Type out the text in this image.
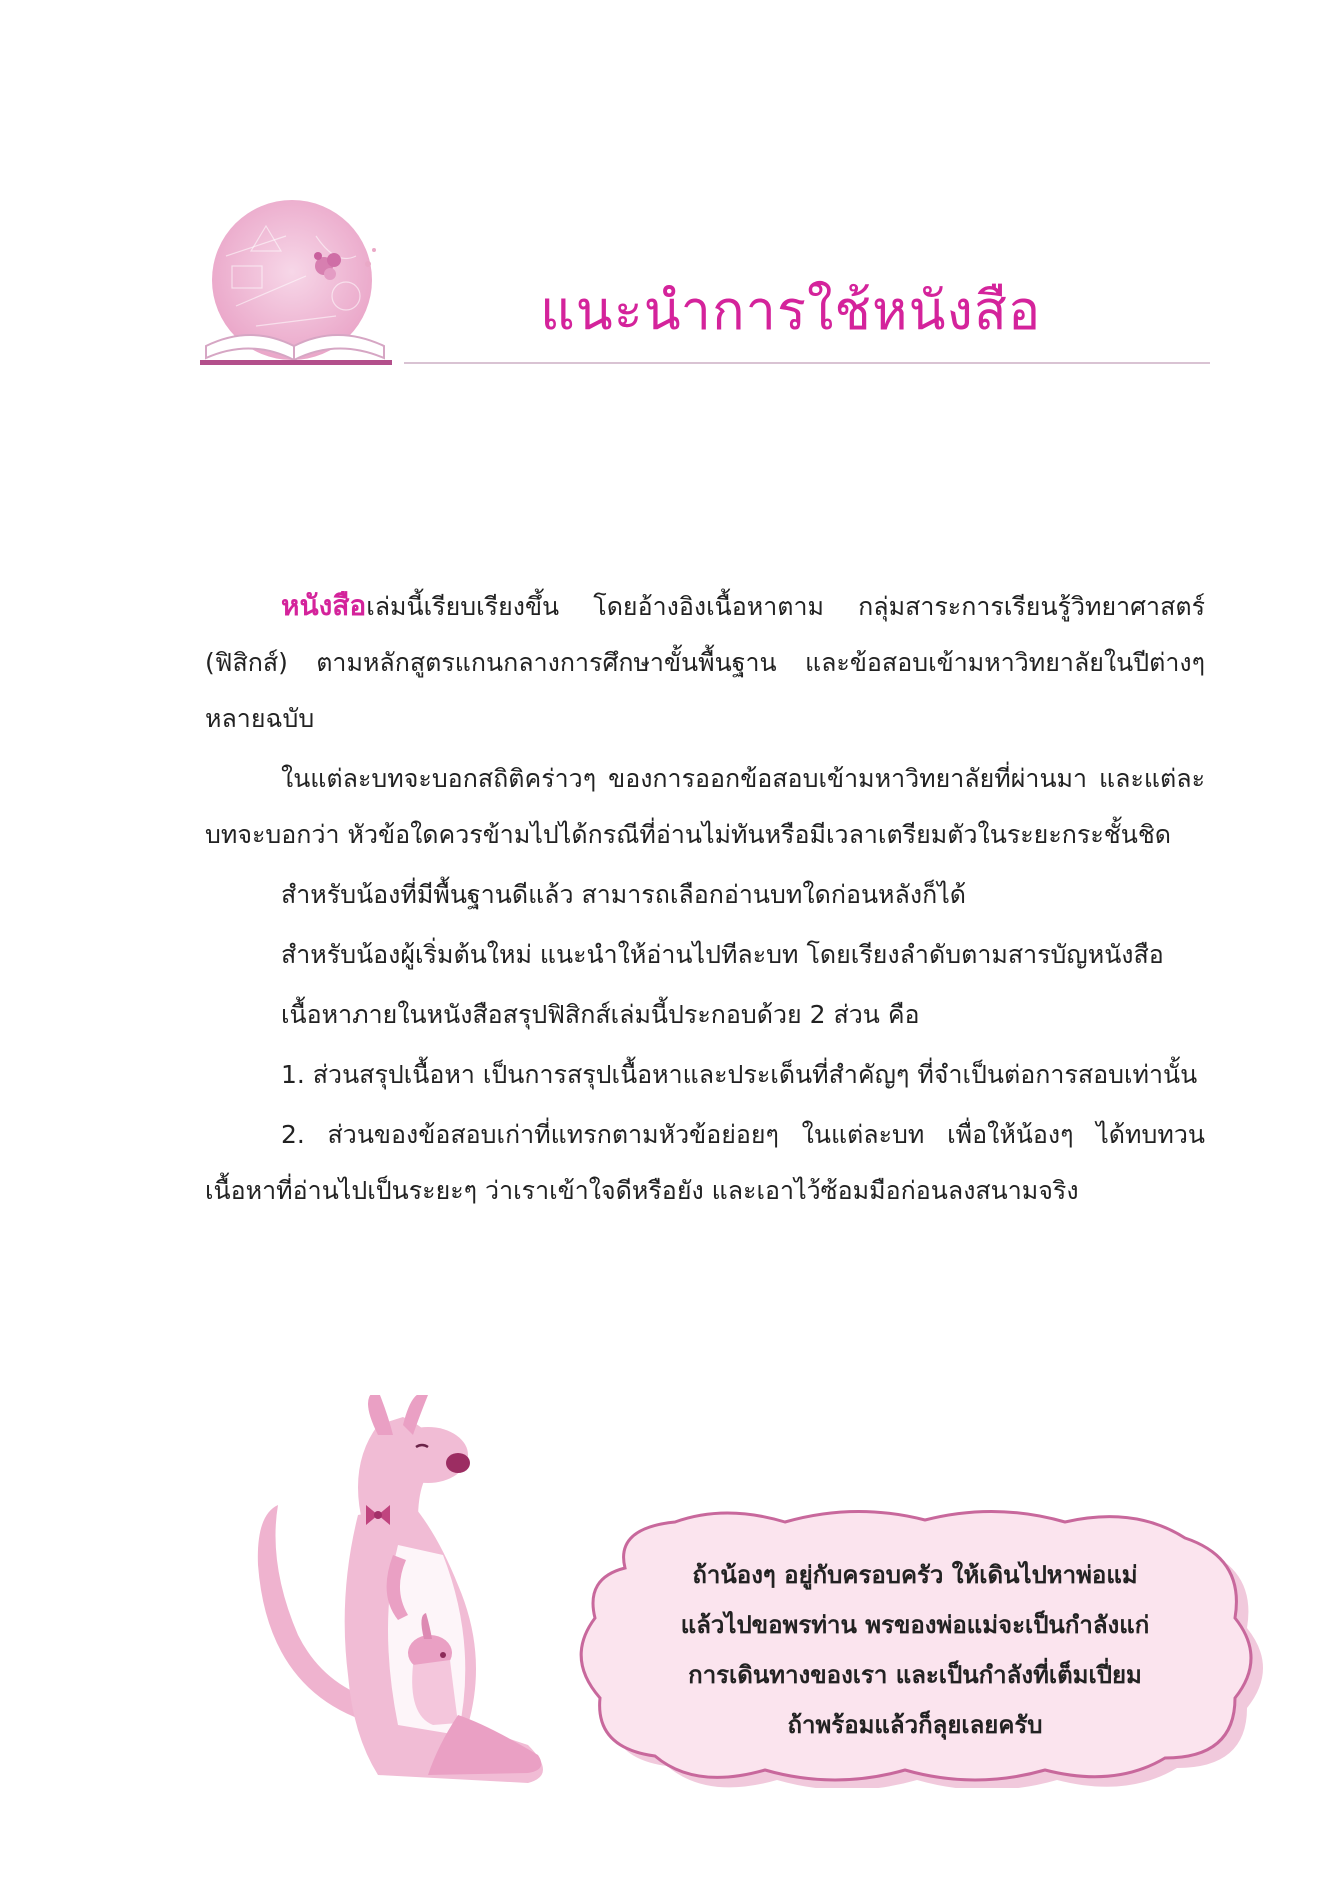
แนะนำการใช้หนังสือ

หนังสือเล่มนี้เรียบเรียงขึ้น โดยอ้างอิงเนื้อหาตาม กลุ่มสาระการเรียนรู้วิทยาศาสตร์ (ฟิสิกส์) ตามหลักสูตรแกนกลางการศึกษาขั้นพื้นฐาน และข้อสอบเข้ามหาวิทยาลัยในปีต่างๆ หลายฉบับ

ในแต่ละบทจะบอกสถิติคร่าวๆ ของการออกข้อสอบเข้ามหาวิทยาลัยที่ผ่านมา และแต่ละบทจะบอกว่า หัวข้อใดควรข้ามไปได้กรณีที่อ่านไม่ทันหรือมีเวลาเตรียมตัวในระยะกระชั้นชิด

สำหรับน้องที่มีพื้นฐานดีแล้ว สามารถเลือกอ่านบทใดก่อนหลังก็ได้

สำหรับน้องผู้เริ่มต้นใหม่ แนะนำให้อ่านไปทีละบท โดยเรียงลำดับตามสารบัญหนังสือ

เนื้อหาภายในหนังสือสรุปฟิสิกส์เล่มนี้ประกอบด้วย 2 ส่วน คือ

1. ส่วนสรุปเนื้อหา เป็นการสรุปเนื้อหาและประเด็นที่สำคัญๆ ที่จำเป็นต่อการสอบเท่านั้น

2. ส่วนของข้อสอบเก่าที่แทรกตามหัวข้อย่อยๆ ในแต่ละบท เพื่อให้น้องๆ ได้ทบทวนเนื้อหาที่อ่านไปเป็นระยะๆ ว่าเราเข้าใจดีหรือยัง และเอาไว้ซ้อมมือก่อนลงสนามจริง

ถ้าน้องๆ อยู่กับครอบครัว ให้เดินไปหาพ่อแม่
แล้วไปขอพรท่าน พรของพ่อแม่จะเป็นกำลังแก่
การเดินทางของเรา และเป็นกำลังที่เต็มเปี่ยม
ถ้าพร้อมแล้วก็ลุยเลยครับ
